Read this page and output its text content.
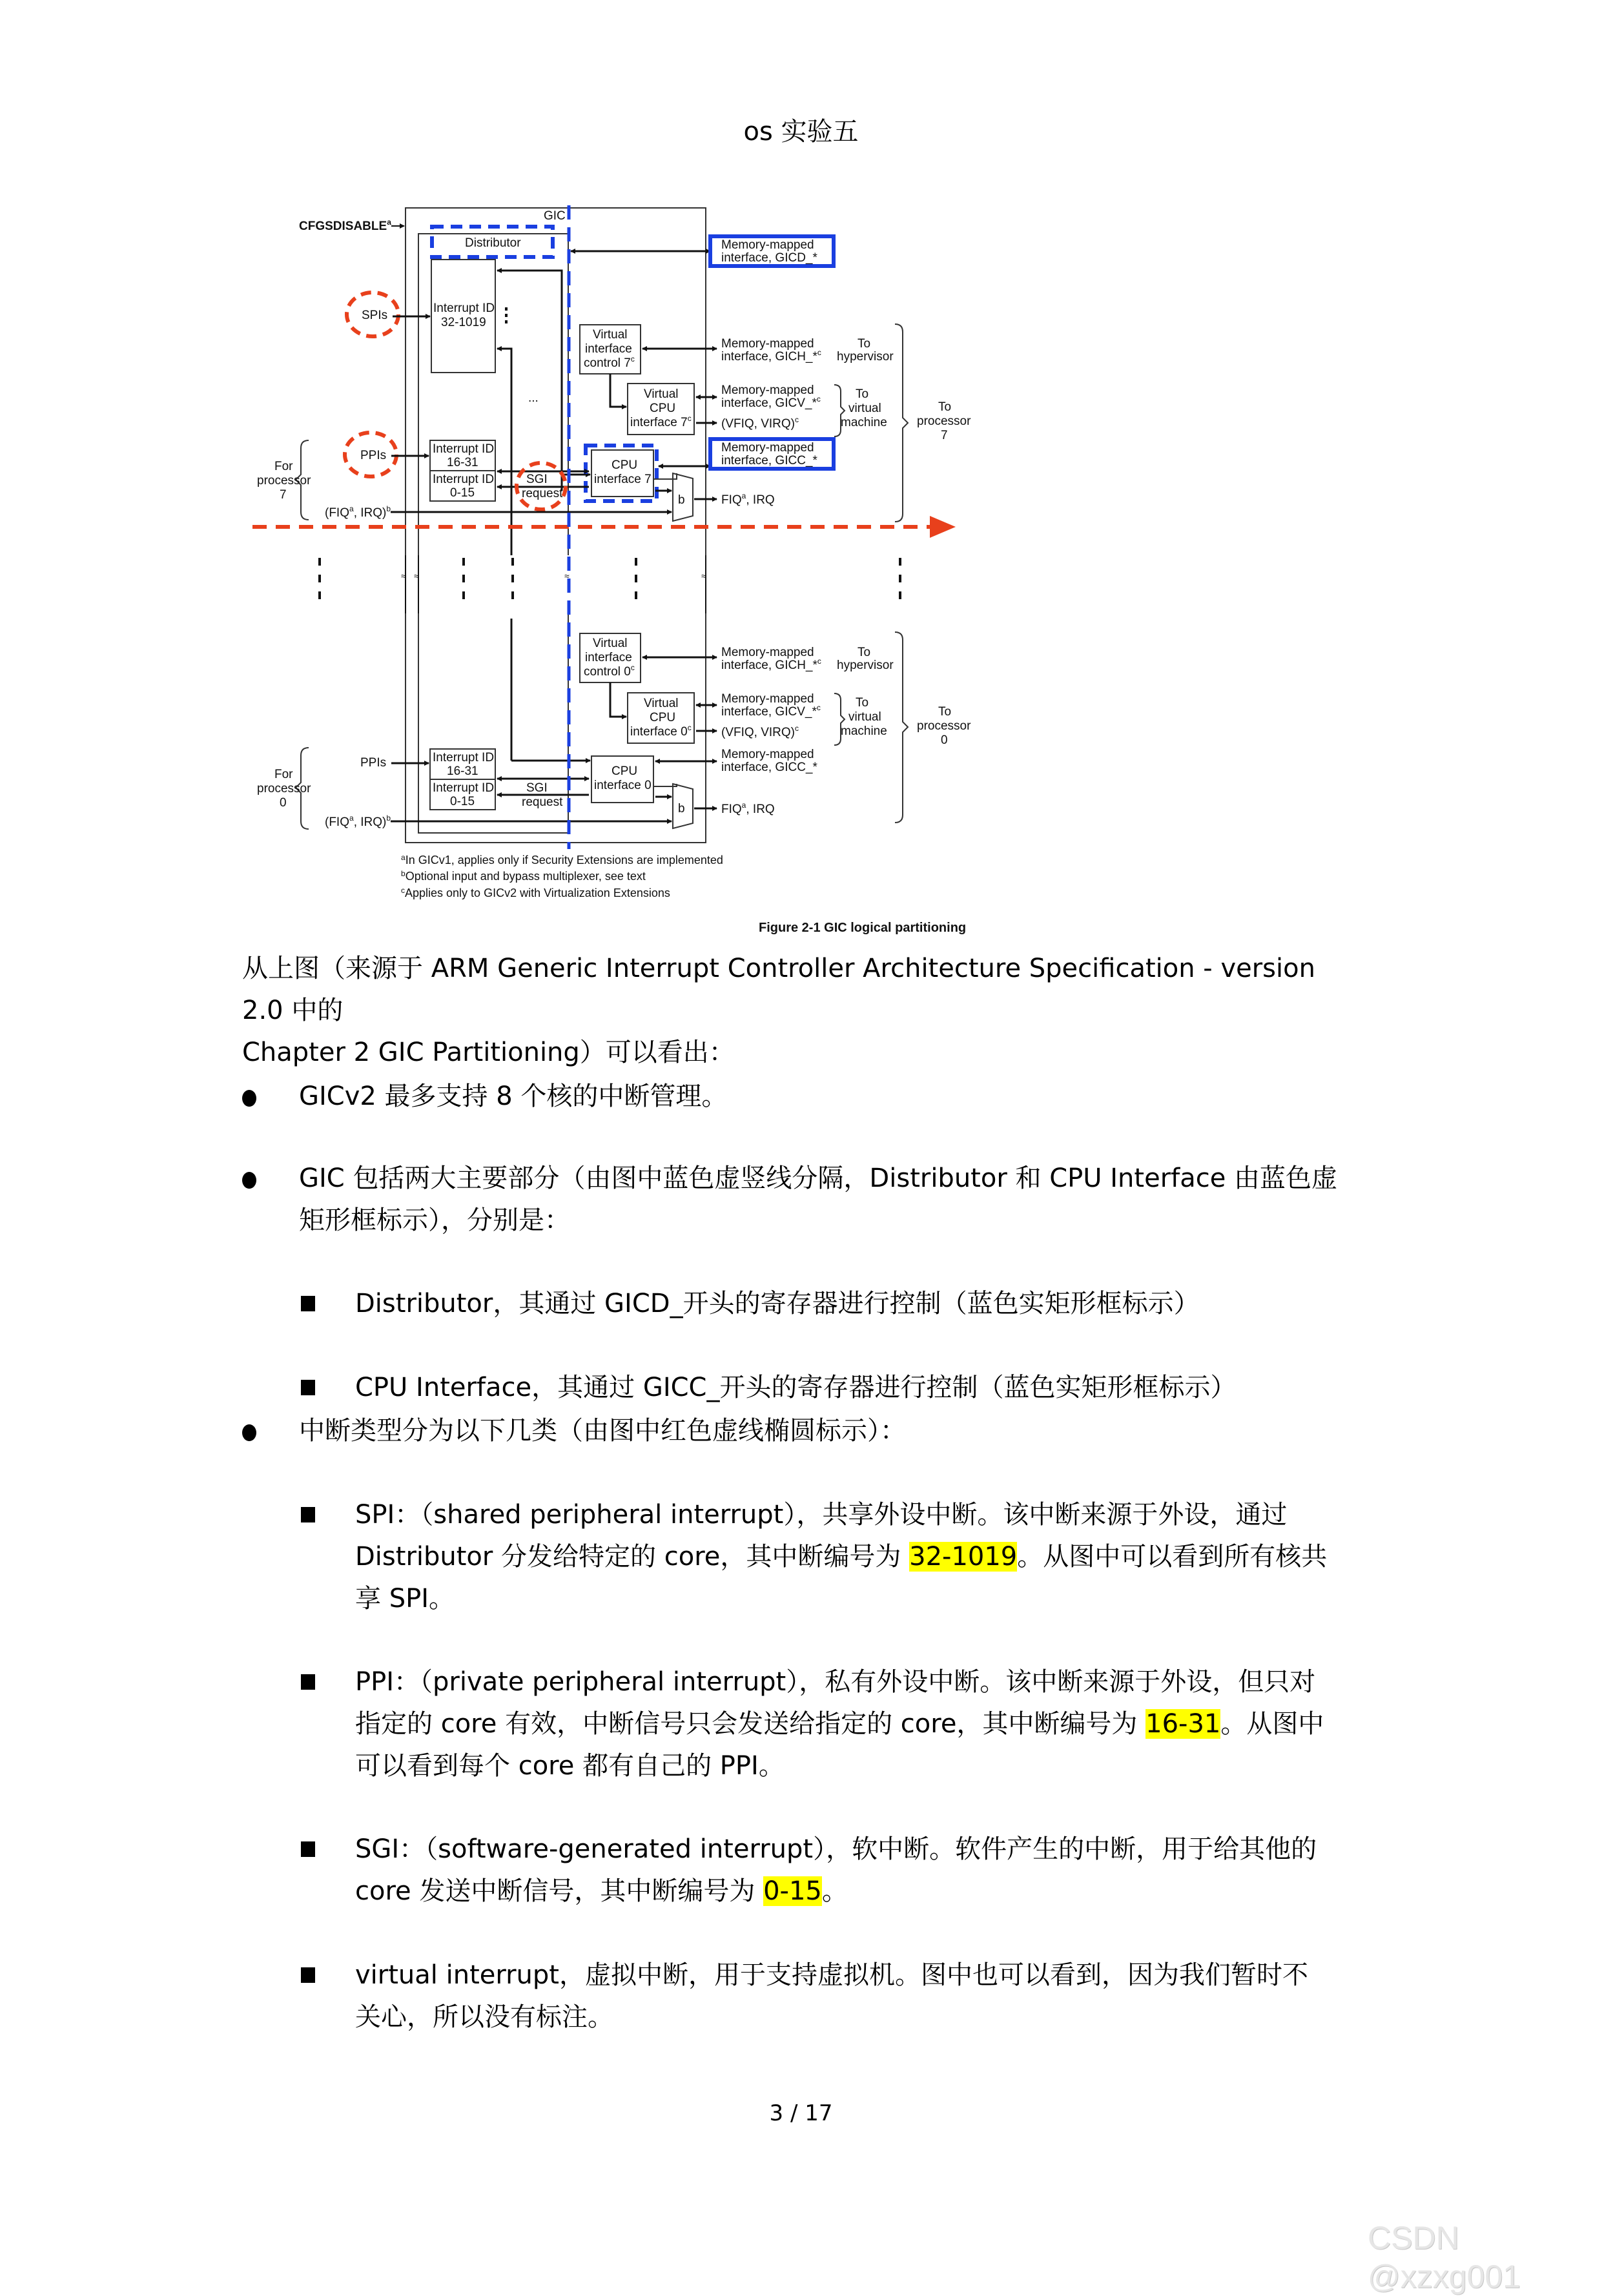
os 实验五
≈ ≈	≈	≈
$CFGSDISABLE^a$	GIC
Distributor	Memory-mapped
interface, GICD_*
SPIs
Interrupt ID
32-1019
...
Virtual
interface
control 7$^c$
Memory-mapped
interface, GICH_*$^c$
To
hypervisor
Virtual
CPU
interface 7$^c$
Memory-mapped
interface, GICV_*$^c$
(VFIQ, VIRQ)$^c$
To
virtual
machine
CPU
interface 7
Memory-mapped
interface, GICC_*
PPIs	Interrupt ID
16-31
Interrupt ID
0-15
SGI
request	b	FIQ$^a$, IRQ
(FIQ$^a$, IRQ)$^b$
For
processor
7
To
processor
7
Virtual
interface
control 0$^c$
Memory-mapped
interface, GICH_*$^c$
To
hypervisor
Virtual
CPU
interface 0$^c$
Memory-mapped
interface, GICV_*$^c$
(VFIQ, VIRQ)$^c$
To
virtual
machine
CPU
interface 0
Memory-mapped
interface, GICC_*
PPIs	Interrupt ID
16-31
Interrupt ID
0-15
SGI
request	b	FIQ$^a$, IRQ
(FIQ$^a$, IRQ)$^b$
For
processor
0
To
processor
0
$^a$In GICv1, applies only if Security Extensions are implemented
$^b$Optional input and bypass multiplexer, see text
$^c$Applies only to GICv2 with Virtualization Extensions
Figure 2-1 GIC logical partitioning
从上图（来源于 ARM Generic Interrupt Controller Architecture Specification - version 2.0 中的
Chapter 2 GIC Partitioning）可以看出：
GICv2 最多支持 8 个核的中断管理。
GIC 包括两大主要部分（由图中蓝色虚竖线分隔，Distributor 和 CPU Interface 由蓝色虚
矩形框标示），分别是：
Distributor，其通过 GICD_开头的寄存器进行控制（蓝色实矩形框标示）
CPU Interface，其通过 GICC_开头的寄存器进行控制（蓝色实矩形框标示）
中断类型分为以下几类（由图中红色虚线椭圆标示）：
SPI：（shared peripheral interrupt），共享外设中断。该中断来源于外设，通过
Distributor 分发给特定的 core，其中断编号为 32-1019。从图中可以看到所有核共
享 SPI。
PPI：（private peripheral interrupt），私有外设中断。该中断来源于外设，但只对
指定的 core 有效，中断信号只会发送给指定的 core，其中断编号为 16-31。从图中
可以看到每个 core 都有自己的 PPI。
SGI：（software-generated interrupt），软中断。软件产生的中断，用于给其他的
core 发送中断信号，其中断编号为 0-15。
virtual interrupt，虚拟中断，用于支持虚拟机。图中也可以看到，因为我们暂时不
关心，所以没有标注。
3 / 17
CSDN @xzxg001
